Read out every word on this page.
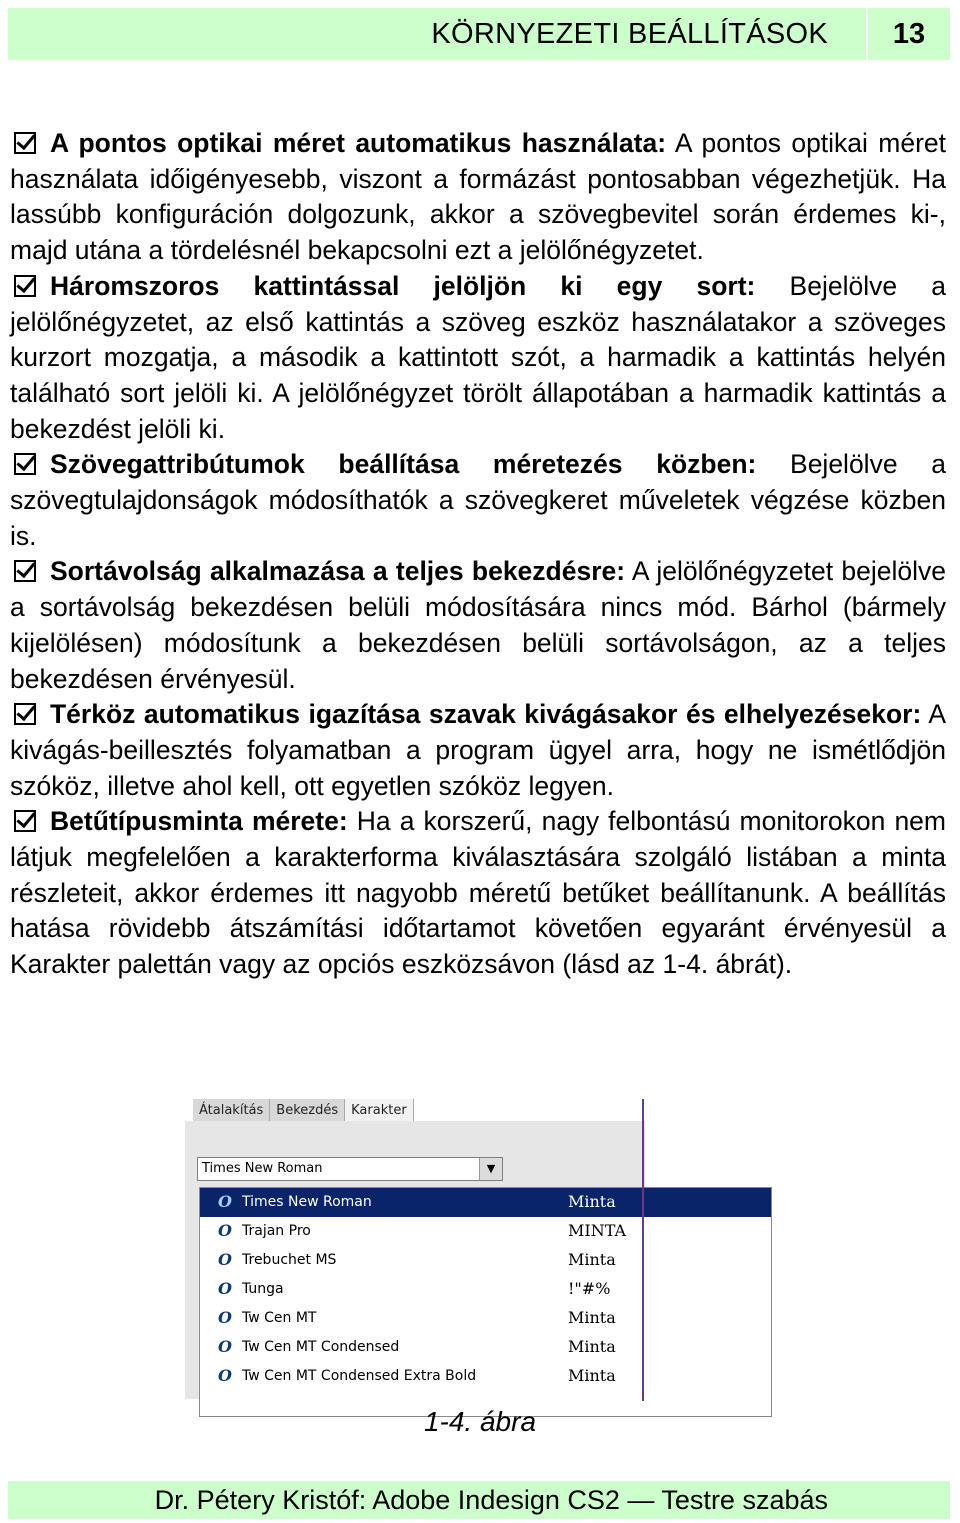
KÖRNYEZETI BEÁLLÍTÁSOK	13

A pontos optikai méret automatikus használata: A pontos optikai méret használata időigényesebb, viszont a formázást pontosabban végezhetjük. Ha lassúbb konfiguráción dolgozunk, akkor a szövegbevitel során érdemes ki-, majd utána a tördelésnél bekapcsolni ezt a jelölőnégyzetet.

Háromszoros kattintással jelöljön ki egy sort: Bejelölve a jelölőnégyzetet, az első kattintás a szöveg eszköz használatakor a szöveges kurzort mozgatja, a második a kattintott szót, a harmadik a kattintás helyén található sort jelöli ki. A jelölőnégyzet törölt állapotában a harmadik kattintás a bekezdést jelöli ki.

Szövegattribútumok beállítása méretezés közben: Bejelölve a szövegtulajdonságok módosíthatók a szövegkeret műveletek végzése közben is.

Sortávolság alkalmazása a teljes bekezdésre: A jelölőnégyzetet bejelölve a sortávolság bekezdésen belüli módosítására nincs mód. Bárhol (bármely kijelölésen) módosítunk a bekezdésen belüli sortávolságon, az a teljes bekezdésen érvényesül.

Térköz automatikus igazítása szavak kivágásakor és elhelyezésekor: A kivágás-beillesztés folyamatban a program ügyel arra, hogy ne ismétlődjön szóköz, illetve ahol kell, ott egyetlen szóköz legyen.

Betűtípusminta mérete: Ha a korszerű, nagy felbontású monitorokon nem látjuk megfelelően a karakterforma kiválasztására szolgáló listában a minta részleteit, akkor érdemes itt nagyobb méretű betűket beállítanunk. A beállítás hatása rövidebb átszámítási időtartamot követően egyaránt érvényesül a Karakter palettán vagy az opciós eszközsávon (lásd az 1-4. ábrát).

Átalakítás	Bekezdés	Karakter
Times New Roman	▼
O Times New Roman	Minta
O Trajan Pro	MINTA
O Trebuchet MS	Minta
O Tunga	!"#%
O Tw Cen MT	Minta
O Tw Cen MT Condensed	Minta
O Tw Cen MT Condensed Extra Bold	Minta
1-4. ábra
Dr. Pétery Kristóf: Adobe Indesign CS2 — Testre szabás
